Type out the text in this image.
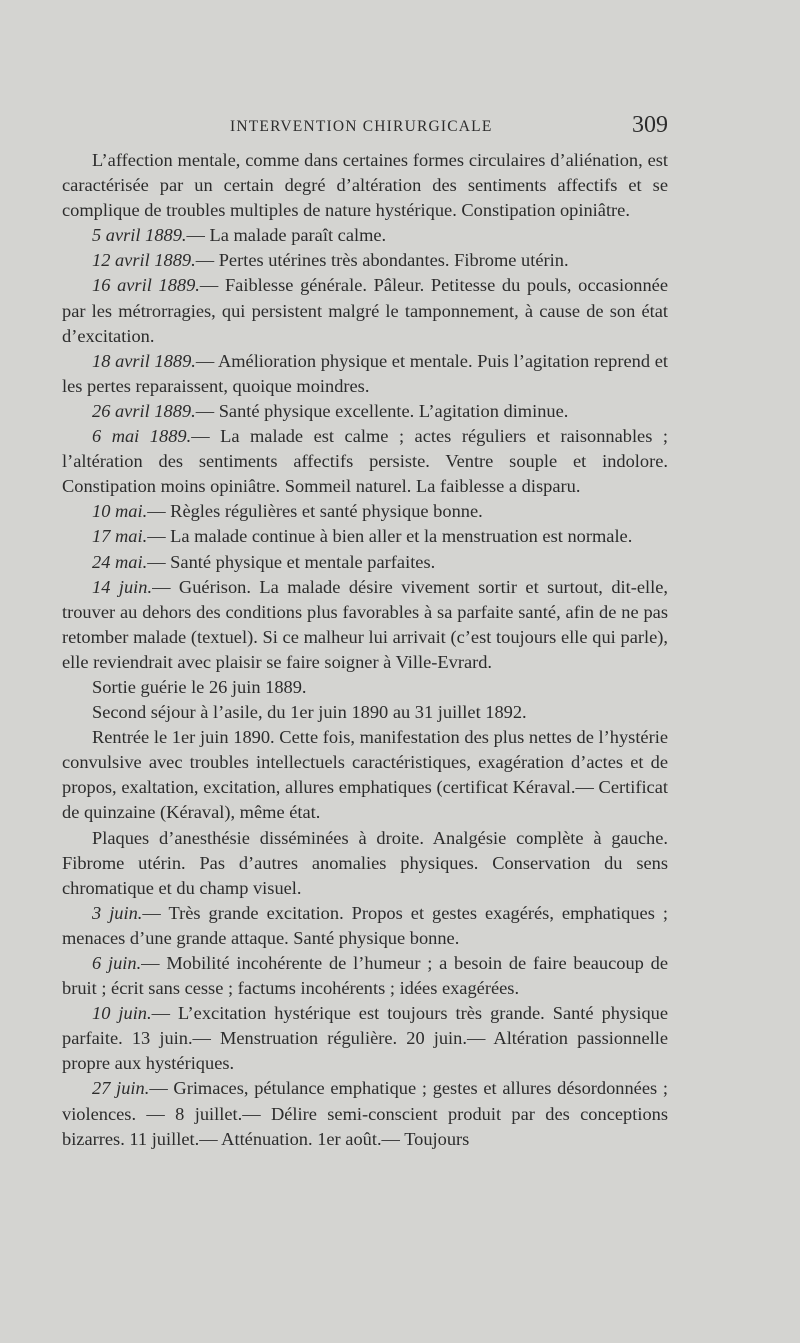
INTERVENTION CHIRURGICALE	309

L’affection mentale, comme dans certaines formes circulaires d’aliénation, est caractérisée par un certain degré d’altération des sentiments affectifs et se complique de troubles multiples de nature hystérique. Constipation opiniâtre.

5 avril 1889.— La malade paraît calme.

12 avril 1889.— Pertes utérines très abondantes. Fibrome utérin.

16 avril 1889.— Faiblesse générale. Pâleur. Petitesse du pouls, occasionnée par les métrorragies, qui persistent malgré le tamponnement, à cause de son état d’excitation.

18 avril 1889.— Amélioration physique et mentale. Puis l’agitation reprend et les pertes reparaissent, quoique moindres.

26 avril 1889.— Santé physique excellente. L’agitation diminue.

6 mai 1889.— La malade est calme ; actes réguliers et raisonnables ; l’altération des sentiments affectifs persiste. Ventre souple et indolore. Constipation moins opiniâtre. Sommeil naturel. La faiblesse a disparu.

10 mai.— Règles régulières et santé physique bonne.

17 mai.— La malade continue à bien aller et la menstruation est normale.

24 mai.— Santé physique et mentale parfaites.

14 juin.— Guérison. La malade désire vivement sortir et surtout, dit-elle, trouver au dehors des conditions plus favorables à sa parfaite santé, afin de ne pas retomber malade (textuel). Si ce malheur lui arrivait (c’est toujours elle qui parle), elle reviendrait avec plaisir se faire soigner à Ville-Evrard.

Sortie guérie le 26 juin 1889.

Second séjour à l’asile, du 1er juin 1890 au 31 juillet 1892.

Rentrée le 1er juin 1890. Cette fois, manifestation des plus nettes de l’hystérie convulsive avec troubles intellectuels caractéristiques, exagération d’actes et de propos, exaltation, excitation, allures emphatiques (certificat Kéraval.— Certificat de quinzaine (Kéraval), même état.

Plaques d’anesthésie disséminées à droite. Analgésie complète à gauche. Fibrome utérin. Pas d’autres anomalies physiques. Conservation du sens chromatique et du champ visuel.

3 juin.— Très grande excitation. Propos et gestes exagérés, emphatiques ; menaces d’une grande attaque. Santé physique bonne.

6 juin.— Mobilité incohérente de l’humeur ; a besoin de faire beaucoup de bruit ; écrit sans cesse ; factums incohérents ; idées exagérées.

10 juin.— L’excitation hystérique est toujours très grande. Santé physique parfaite. 13 juin.— Menstruation régulière. 20 juin.— Altération passionnelle propre aux hystériques.

27 juin.— Grimaces, pétulance emphatique ; gestes et allures désordonnées ; violences. — 8 juillet.— Délire semi-conscient produit par des conceptions bizarres. 11 juillet.— Atténuation. 1er août.— Toujours
